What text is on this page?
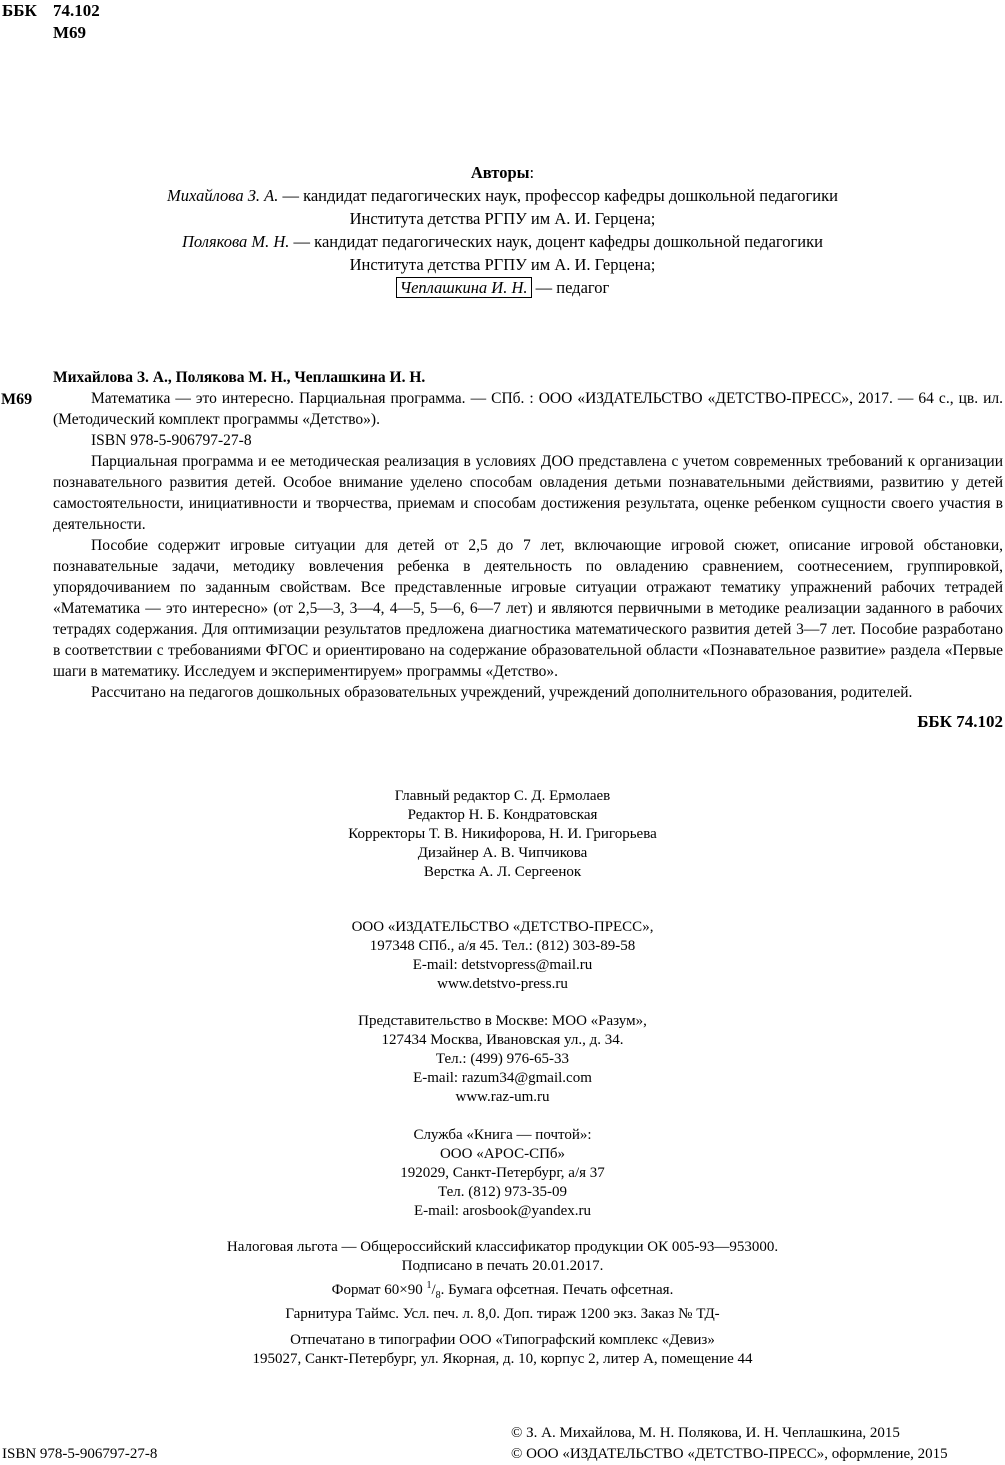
ББК 74.102
М69
Авторы:
Михайлова З. А. — кандидат педагогических наук, профессор кафедры дошкольной педагогики
Института детства РГПУ им А. И. Герцена;
Полякова М. Н. — кандидат педагогических наук, доцент кафедры дошкольной педагогики
Института детства РГПУ им А. И. Герцена;
Чеплашкина И. Н. — педагог
Михайлова З. А., Полякова М. Н., Чеплашкина И. Н.
М69	Математика — это интересно. Парциальная программа. — СПб. : ООО «ИЗДАТЕЛЬСТВО «ДЕТСТВО-ПРЕСС», 2017. — 64 с., цв. ил. (Методический комплект программы «Детство»).

ISBN 978-5-906797-27-8

Парциальная программа и ее методическая реализация в условиях ДОО представлена с учетом современных требований к организации познавательного развития детей. Особое внимание уделено способам овладения детьми познавательными действиями, развитию у детей самостоятельности, инициативности и творчества, приемам и способам достижения результата, оценке ребенком сущности своего участия в деятельности.

Пособие содержит игровые ситуации для детей от 2,5 до 7 лет, включающие игровой сюжет, описание игровой обстановки, познавательные задачи, методику вовлечения ребенка в деятельность по овладению сравнением, соотнесением, группировкой, упорядочиванием по заданным свойствам. Все представленные игровые ситуации отражают тематику упражнений рабочих тетрадей «Математика — это интересно» (от 2,5—3, 3—4, 4—5, 5—6, 6—7 лет) и являются первичными в методике реализации заданного в рабочих тетрадях содержания. Для оптимизации результатов предложена диагностика математического развития детей 3—7 лет. Пособие разработано в соответствии с требованиями ФГОС и ориентировано на содержание образовательной области «Познавательное развитие» раздела «Первые шаги в математику. Исследуем и экспериментируем» программы «Детство».

Рассчитано на педагогов дошкольных образовательных учреждений, учреждений дополнительного образования, родителей.

ББК 74.102
Главный редактор С. Д. Ермолаев
Редактор Н. Б. Кондратовская
Корректоры Т. В. Никифорова, Н. И. Григорьева
Дизайнер А. В. Чипчикова
Верстка А. Л. Сергеенок
ООО «ИЗДАТЕЛЬСТВО «ДЕТСТВО-ПРЕСС»,
197348 СПб., а/я 45. Тел.: (812) 303-89-58
E-mail: detstvopress@mail.ru
www.detstvo-press.ru
Представительство в Москве: МОО «Разум»,
127434 Москва, Ивановская ул., д. 34.
Тел.: (499) 976-65-33
E-mail: razum34@gmail.com
www.raz-um.ru
Служба «Книга — почтой»:
ООО «АРОС-СПб»
192029, Санкт-Петербург, а/я 37
Тел. (812) 973-35-09
E-mail: arosbook@yandex.ru
Налоговая льгота — Общероссийский классификатор продукции ОК 005-93—953000.
Подписано в печать 20.01.2017.
Формат 60×90 $^1/_8$. Бумага офсетная. Печать офсетная.
Гарнитура Таймс. Усл. печ. л. 8,0. Доп. тираж 1200 экз. Заказ № ТД-
Отпечатано в типографии ООО «Типографский комплекс «Девиз»
195027, Санкт-Петербург, ул. Якорная, д. 10, корпус 2, литер А, помещение 44
ISBN 978-5-906797-27-8
© З. А. Михайлова, М. Н. Полякова, И. Н. Чеплашкина, 2015
© ООО «ИЗДАТЕЛЬСТВО «ДЕТСТВО-ПРЕСС», оформление, 2015
